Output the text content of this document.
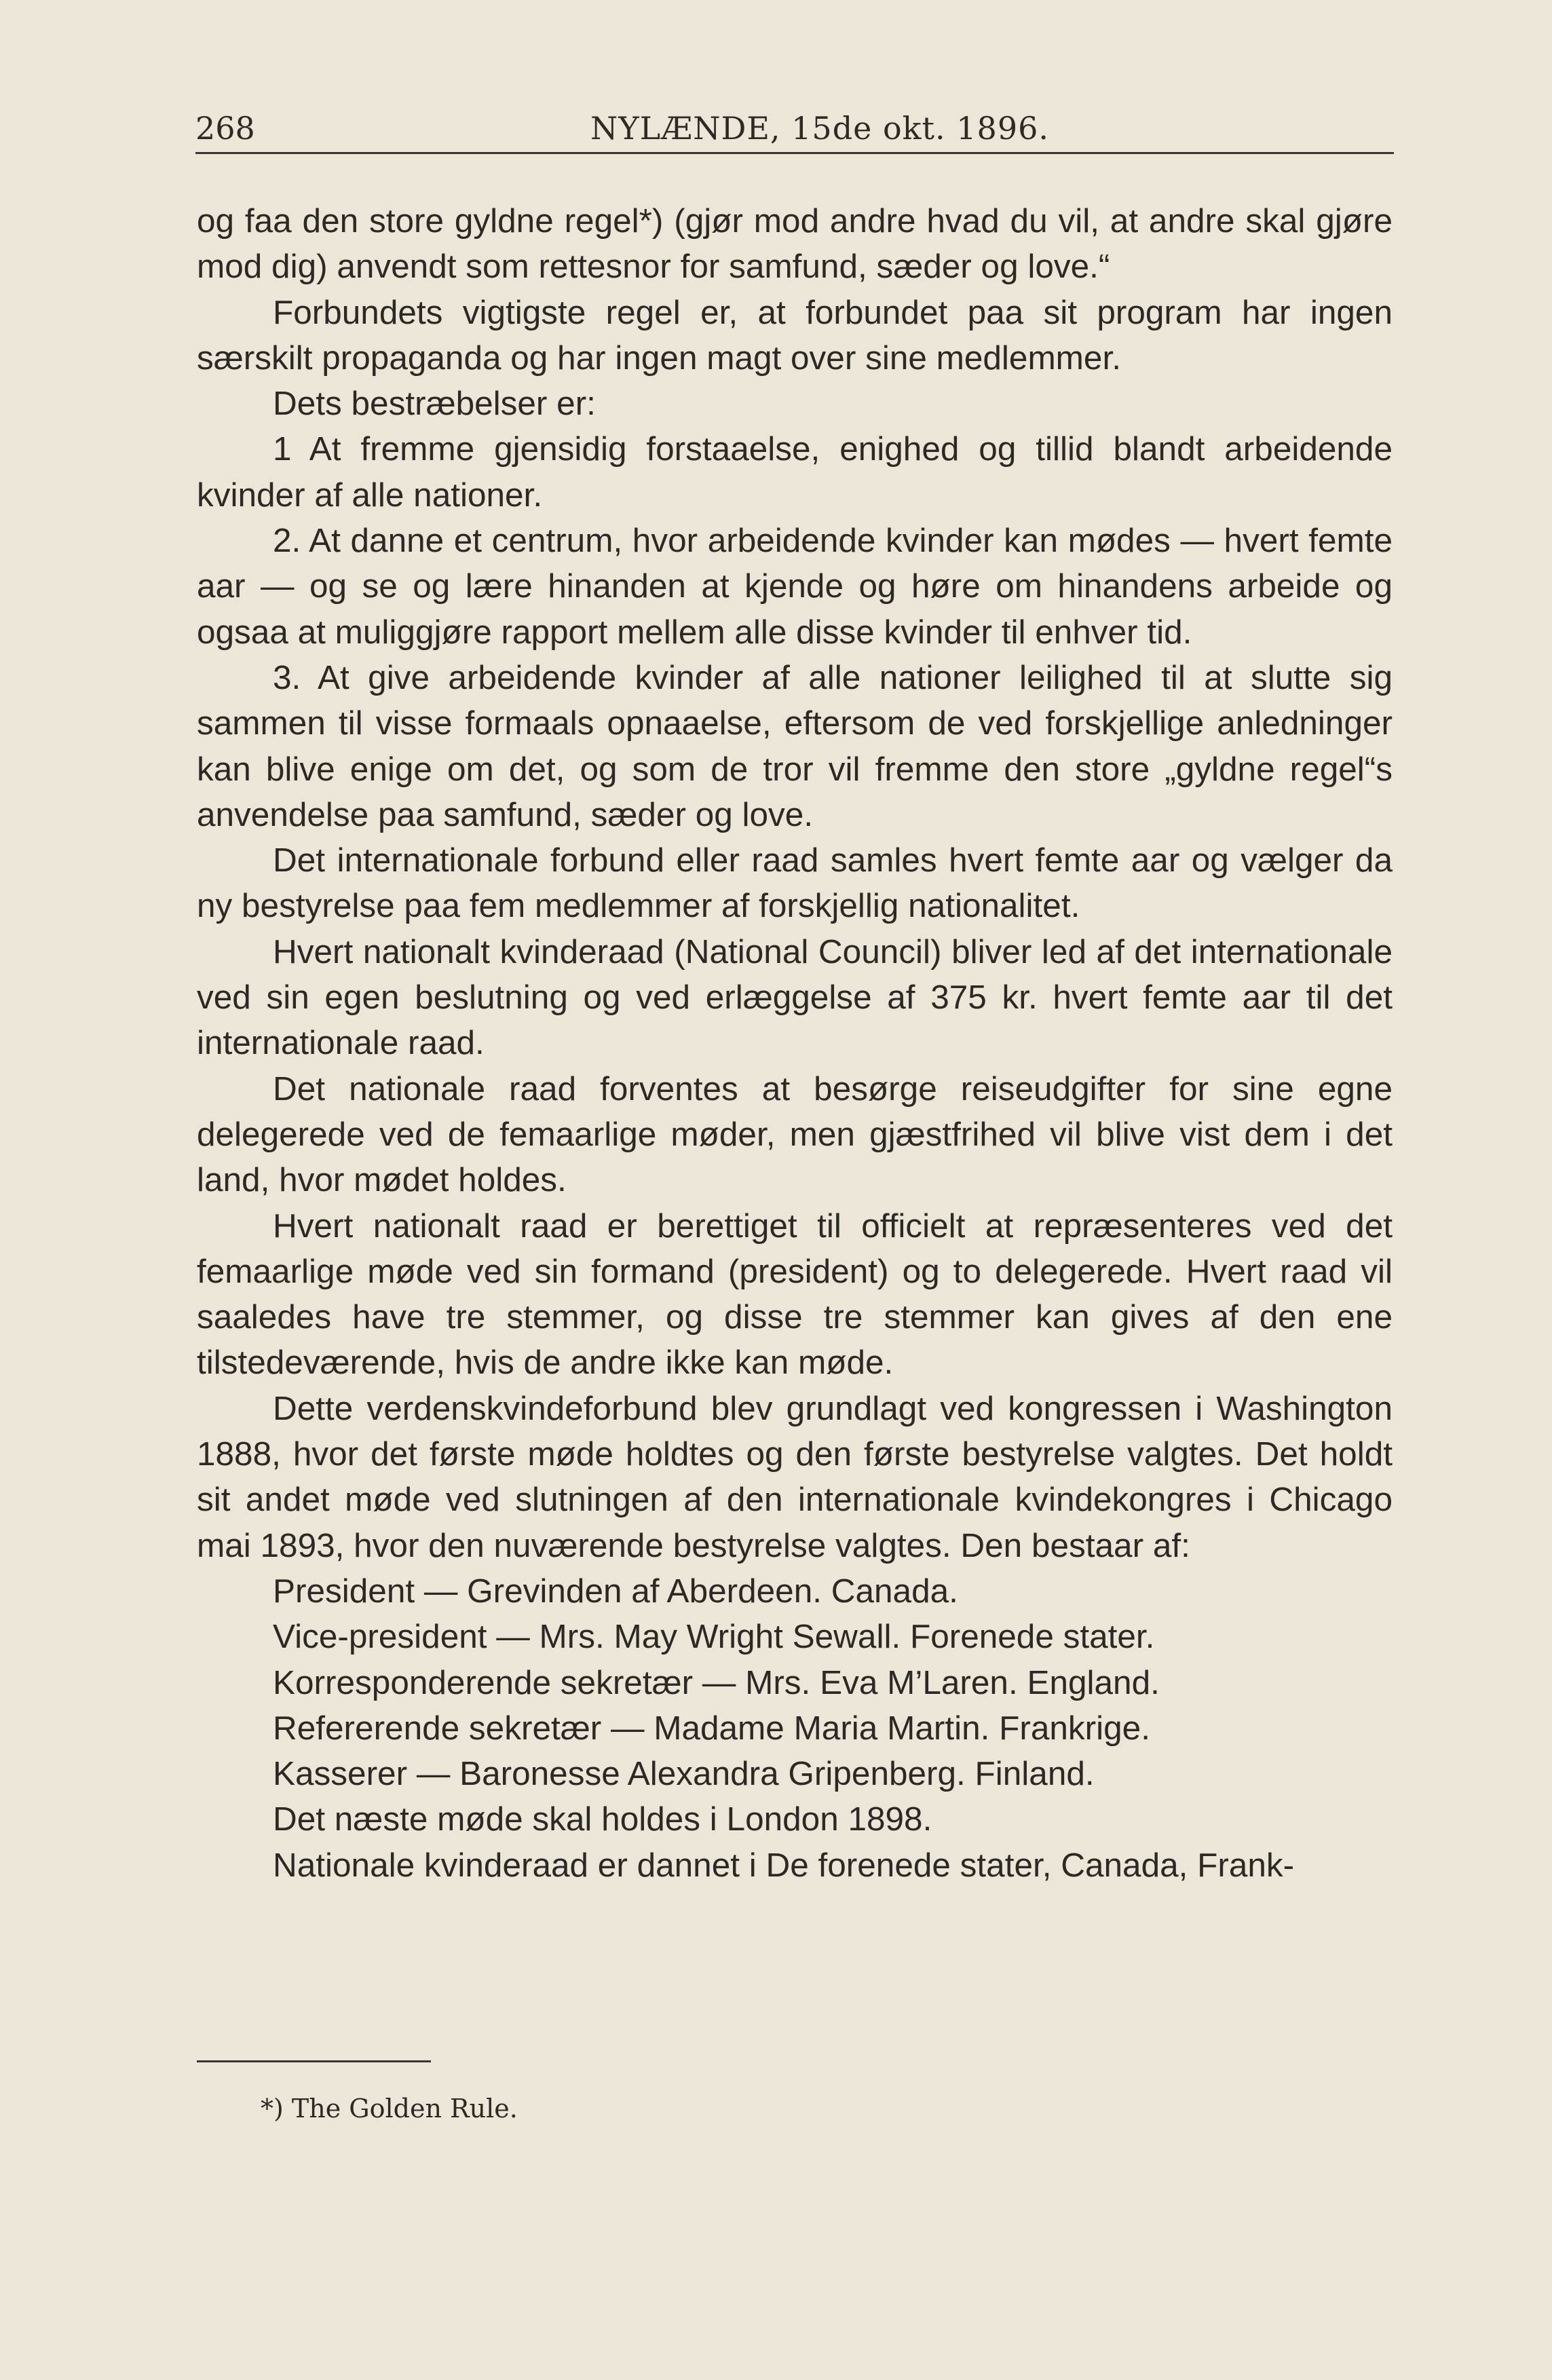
268	NYLÆNDE, 15de okt. 1896.

og faa den store gyldne regel*) (gjør mod andre hvad du vil, at andre skal gjøre mod dig) anvendt som rettesnor for samfund, sæder og love.“

Forbundets vigtigste regel er, at forbundet paa sit program har ingen særskilt propaganda og har ingen magt over sine medlemmer.

Dets bestræbelser er:

1 At fremme gjensidig forstaaelse, enighed og tillid blandt arbeidende kvinder af alle nationer.

2. At danne et centrum, hvor arbeidende kvinder kan mødes — hvert femte aar — og se og lære hinanden at kjende og høre om hinandens arbeide og ogsaa at muliggjøre rapport mellem alle disse kvinder til enhver tid.

3. At give arbeidende kvinder af alle nationer leilighed til at slutte sig sammen til visse formaals opnaaelse, eftersom de ved forskjellige anledninger kan blive enige om det, og som de tror vil fremme den store „gyldne regel“s anvendelse paa samfund, sæder og love.

Det internationale forbund eller raad samles hvert femte aar og vælger da ny bestyrelse paa fem medlemmer af forskjellig nationalitet.

Hvert nationalt kvinderaad (National Council) bliver led af det internationale ved sin egen beslutning og ved erlæggelse af 375 kr. hvert femte aar til det internationale raad.

Det nationale raad forventes at besørge reiseudgifter for sine egne delegerede ved de femaarlige møder, men gjæstfrihed vil blive vist dem i det land, hvor mødet holdes.

Hvert nationalt raad er berettiget til officielt at repræsenteres ved det femaarlige møde ved sin formand (president) og to delegerede. Hvert raad vil saaledes have tre stemmer, og disse tre stemmer kan gives af den ene tilstedeværende, hvis de andre ikke kan møde.

Dette verdenskvindeforbund blev grundlagt ved kongressen i Washington 1888, hvor det første møde holdtes og den første bestyrelse valgtes. Det holdt sit andet møde ved slutningen af den internationale kvindekongres i Chicago mai 1893, hvor den nuværende bestyrelse valgtes. Den bestaar af:

President — Grevinden af Aberdeen. Canada.

Vice-president — Mrs. May Wright Sewall. Forenede stater.

Korresponderende sekretær — Mrs. Eva M’Laren. England.

Refererende sekretær — Madame Maria Martin. Frankrige.

Kasserer — Baronesse Alexandra Gripenberg. Finland.

Det næste møde skal holdes i London 1898.

Nationale kvinderaad er dannet i De forenede stater, Canada, Frank-

*) The Golden Rule.
